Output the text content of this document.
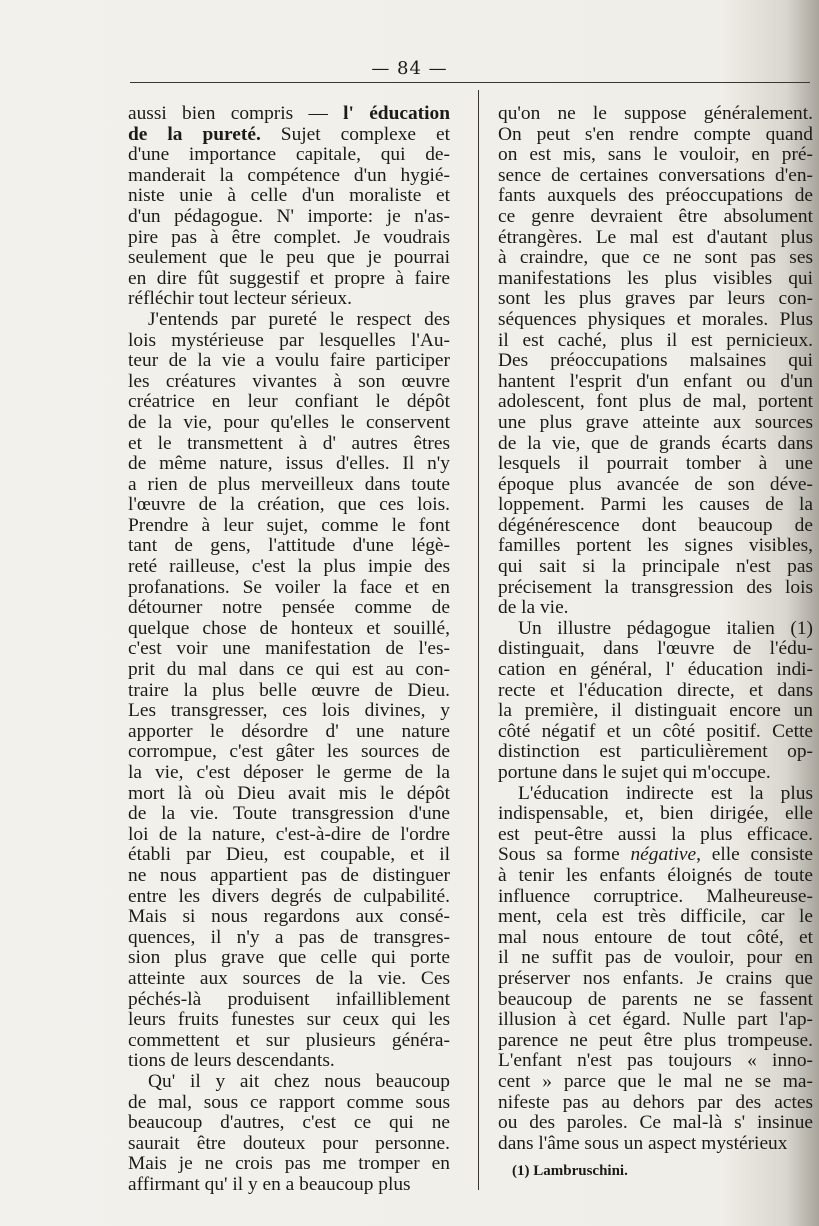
— 84 —
aussi bien compris — l' éducation
de la pureté. Sujet complexe et
d'une importance capitale, qui de-
manderait la compétence d'un hygié-
niste unie à celle d'un moraliste et
d'un pédagogue. N' importe: je n'as-
pire pas à être complet. Je voudrais
seulement que le peu que je pourrai
en dire fût suggestif et propre à faire
réfléchir tout lecteur sérieux.
J'entends par pureté le respect des
lois mystérieuse par lesquelles l'Au-
teur de la vie a voulu faire participer
les créatures vivantes à son œuvre
créatrice en leur confiant le dépôt
de la vie, pour qu'elles le conservent
et le transmettent à d' autres êtres
de même nature, issus d'elles. Il n'y
a rien de plus merveilleux dans toute
l'œuvre de la création, que ces lois.
Prendre à leur sujet, comme le font
tant de gens, l'attitude d'une légè-
reté railleuse, c'est la plus impie des
profanations. Se voiler la face et en
détourner notre pensée comme de
quelque chose de honteux et souillé,
c'est voir une manifestation de l'es-
prit du mal dans ce qui est au con-
traire la plus belle œuvre de Dieu.
Les transgresser, ces lois divines, y
apporter le désordre d' une nature
corrompue, c'est gâter les sources de
la vie, c'est déposer le germe de la
mort là où Dieu avait mis le dépôt
de la vie. Toute transgression d'une
loi de la nature, c'est-à-dire de l'ordre
établi par Dieu, est coupable, et il
ne nous appartient pas de distinguer
entre les divers degrés de culpabilité.
Mais si nous regardons aux consé-
quences, il n'y a pas de transgres-
sion plus grave que celle qui porte
atteinte aux sources de la vie. Ces
péchés-là produisent infailliblement
leurs fruits funestes sur ceux qui les
commettent et sur plusieurs généra-
tions de leurs descendants.
Qu' il y ait chez nous beaucoup
de mal, sous ce rapport comme sous
beaucoup d'autres, c'est ce qui ne
saurait être douteux pour personne.
Mais je ne crois pas me tromper en
affirmant qu' il y en a beaucoup plus
qu'on ne le suppose généralement.
On peut s'en rendre compte quand
on est mis, sans le vouloir, en pré-
sence de certaines conversations d'en-
fants auxquels des préoccupations de
ce genre devraient être absolument
étrangères. Le mal est d'autant plus
à craindre, que ce ne sont pas ses
manifestations les plus visibles qui
sont les plus graves par leurs con-
séquences physiques et morales. Plus
il est caché, plus il est pernicieux.
Des préoccupations malsaines qui
hantent l'esprit d'un enfant ou d'un
adolescent, font plus de mal, portent
une plus grave atteinte aux sources
de la vie, que de grands écarts dans
lesquels il pourrait tomber à une
époque plus avancée de son déve-
loppement. Parmi les causes de la
dégénérescence dont beaucoup de
familles portent les signes visibles,
qui sait si la principale n'est pas
précisement la transgression des lois
de la vie.
Un illustre pédagogue italien (1)
distinguait, dans l'œuvre de l'édu-
cation en général, l' éducation indi-
recte et l'éducation directe, et dans
la première, il distinguait encore un
côté négatif et un côté positif. Cette
distinction est particulièrement op-
portune dans le sujet qui m'occupe.
L'éducation indirecte est la plus
indispensable, et, bien dirigée, elle
est peut-être aussi la plus efficace.
Sous sa forme négative, elle consiste
à tenir les enfants éloignés de toute
influence corruptrice. Malheureuse-
ment, cela est très difficile, car le
mal nous entoure de tout côté, et
il ne suffit pas de vouloir, pour en
préserver nos enfants. Je crains que
beaucoup de parents ne se fassent
illusion à cet égard. Nulle part l'ap-
parence ne peut être plus trompeuse.
L'enfant n'est pas toujours « inno-
cent » parce que le mal ne se ma-
nifeste pas au dehors par des actes
ou des paroles. Ce mal-là s' insinue
dans l'âme sous un aspect mystérieux
(1) Lambruschini.
